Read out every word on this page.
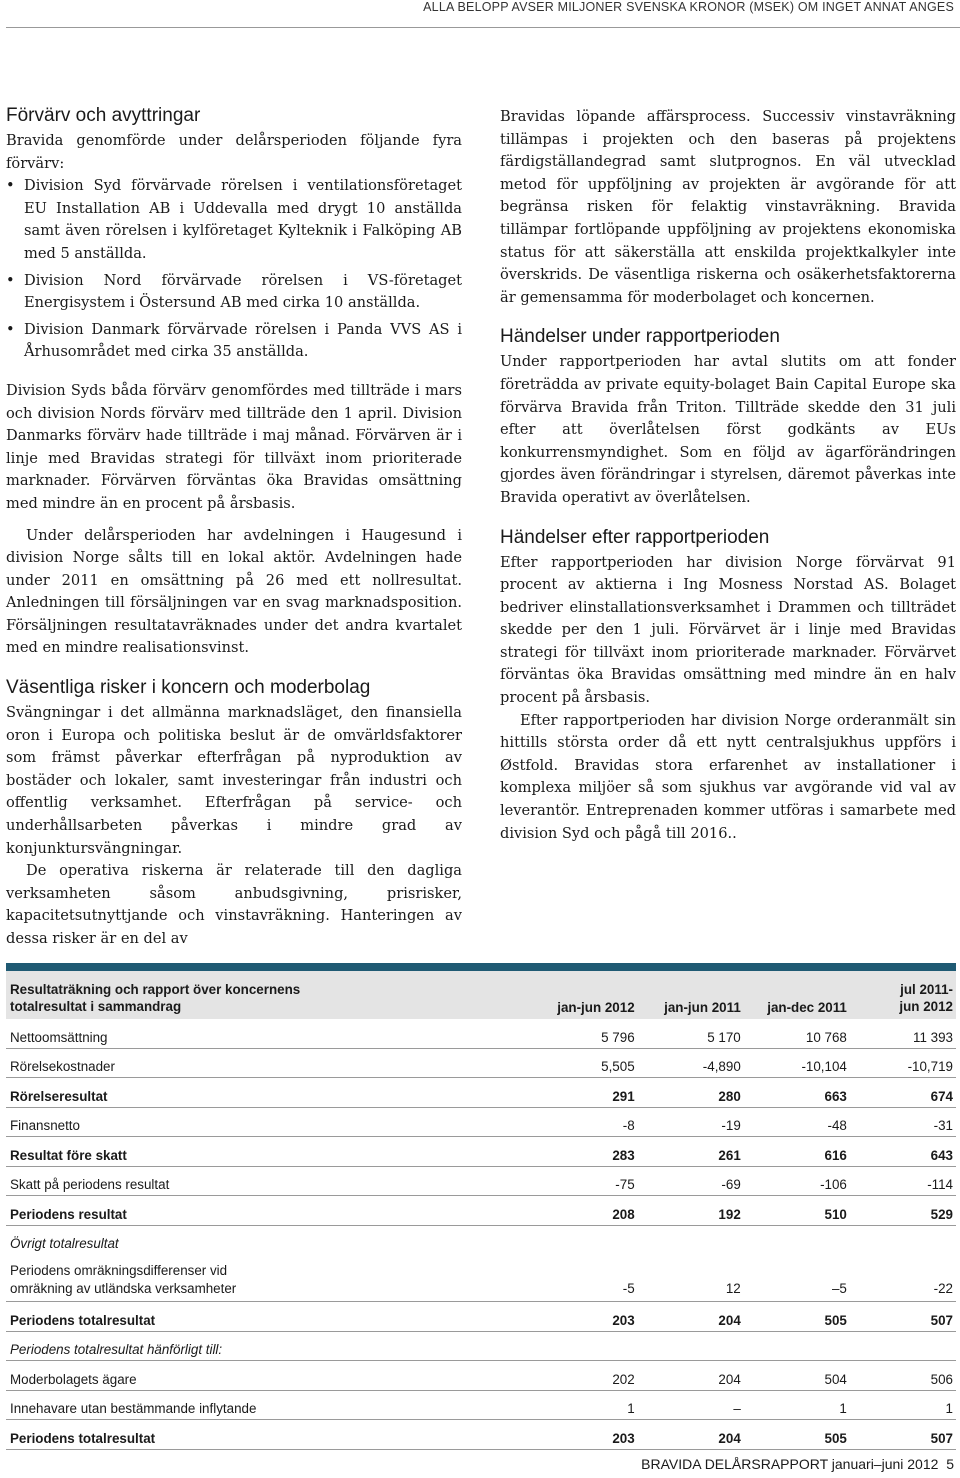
ALLA BELOPP AVSER MILJONER SVENSKA KRONOR (MSEK) OM INGET ANNAT ANGES
Förvärv och avyttringar

Bravida genomförde under delårsperioden följande fyra förvärv:

• Division Syd förvärvade rörelsen i ventilationsföretaget EU Installation AB i Uddevalla med drygt 10 anställda samt även rörelsen i kylföretaget Kylteknik i Falköping AB med 5 anställda.
• Division Nord förvärvade rörelsen i VS-företaget Energisystem i Östersund AB med cirka 10 anställda.
• Division Danmark förvärvade rörelsen i Panda VVS AS i Århusområdet med cirka 35 anställda.

Division Syds båda förvärv genomfördes med tillträde i mars och division Nords förvärv med tillträde den 1 april. Division Danmarks förvärv hade tillträde i maj månad. Förvärven är i linje med Bravidas strategi för tillväxt inom prioriterade marknader. Förvärven förväntas öka Bravidas omsättning med mindre än en procent på årsbasis.

Under delårsperioden har avdelningen i Haugesund i division Norge sålts till en lokal aktör. Avdelningen hade under 2011 en omsättning på 26 med ett nollresultat. Anledningen till försäljningen var en svag marknadsposition. Försäljningen resultatavräknades under det andra kvartalet med en mindre realisationsvinst.

Väsentliga risker i koncern och moderbolag

Svängningar i det allmänna marknadsläget, den finansiella oron i Europa och politiska beslut är de omvärldsfaktorer som främst påverkar efterfrågan på nyproduktion av bostäder och lokaler, samt investeringar från industri och offentlig verksamhet. Efterfrågan på service- och underhållsarbeten påverkas i mindre grad av konjunktursvängningar.

De operativa riskerna är relaterade till den dagliga verksamheten såsom anbudsgivning, prisrisker, kapacitetsutnyttjande och vinstavräkning. Hanteringen av dessa risker är en del av

Bravidas löpande affärsprocess. Successiv vinstavräkning tillämpas i projekten och den baseras på projektens färdigställandegrad samt slutprognos. En väl utvecklad metod för uppföljning av projekten är avgörande för att begränsa risken för felaktig vinstavräkning. Bravida tillämpar fortlöpande uppföljning av projektens ekonomiska status för att säkerställa att enskilda projektkalkyler inte överskrids. De väsentliga riskerna och osäkerhetsfaktorerna är gemensamma för moderbolaget och koncernen.

Händelser under rapportperioden

Under rapportperioden har avtal slutits om att fonder företrädda av private equity-bolaget Bain Capital Europe ska förvärva Bravida från Triton. Tillträde skedde den 31 juli efter att överlåtelsen först godkänts av EUs konkurrensmyndighet. Som en följd av ägarförändringen gjordes även förändringar i styrelsen, däremot påverkas inte Bravida operativt av överlåtelsen.

Händelser efter rapportperioden

Efter rapportperioden har division Norge förvärvat 91 procent av aktierna i Ing Mosness Norstad AS. Bolaget bedriver elinstallationsverksamhet i Drammen och tillträdet skedde per den 1 juli. Förvärvet är i linje med Bravidas strategi för tillväxt inom prioriterade marknader. Förvärvet förväntas öka Bravidas omsättning med mindre än en halv procent på årsbasis.

Efter rapportperioden har division Norge orderanmält sin hittills största order då ett nytt centralsjukhus uppförs i Østfold. Bravidas stora erfarenhet av installationer i komplexa miljöer så som sjukhus var avgörande vid val av leverantör. Entreprenaden kommer utföras i samarbete med division Syd och pågå till 2016..

Resultaträkning och rapport över koncernens
totalresultat i sammandrag	jan-jun 2012	jan-jun 2011	jan-dec 2011	jul 2011-
jun 2012
Nettoomsättning	5 796	5 170	10 768	11 393
Rörelsekostnader	5,505	-4,890	-10,104	-10,719
Rörelseresultat	291	280	663	674
Finansnetto	-8	-19	-48	-31
Resultat före skatt	283	261	616	643
Skatt på periodens resultat	-75	-69	-106	-114
Periodens resultat	208	192	510	529
Övrigt totalresultat				
Periodens omräkningsdifferenser vid
omräkning av utländska verksamheter	-5	12	–5	-22
Periodens totalresultat	203	204	505	507
Periodens totalresultat hänförligt till:				
Moderbolagets ägare	202	204	504	506
Innehavare utan bestämmande inflytande	1	–	1	1
Periodens totalresultat	203	204	505	507
BRAVIDA DELÅRSRAPPORT januari–juni 2012 5
